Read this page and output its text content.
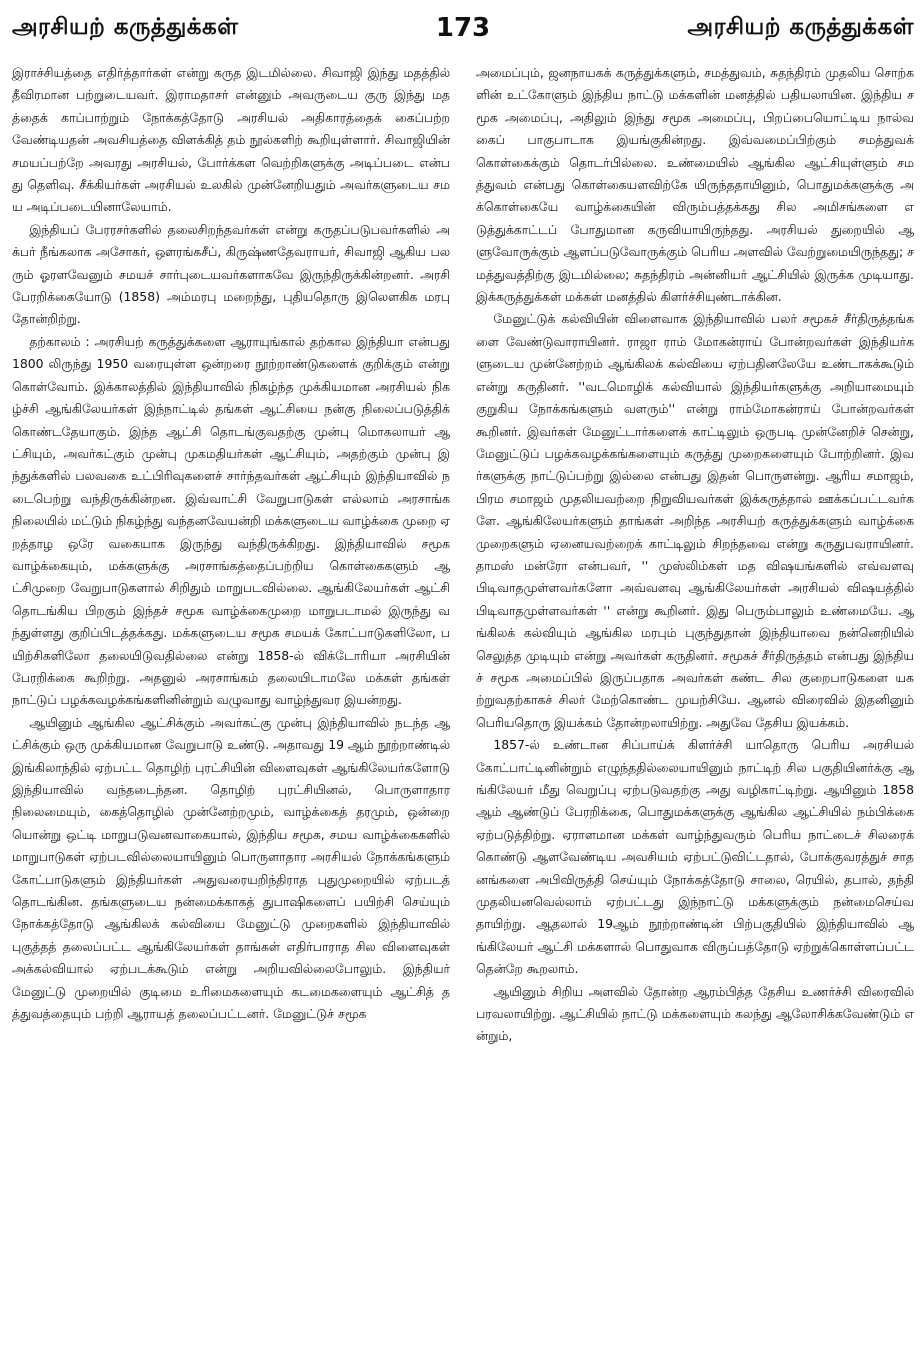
அரசியற் கருத்துக்கள்	173	அரசியற் கருத்துக்கள்

இராச்சியத்தை எதிர்த்தார்கள் என்று கருத இடமில்லை. சிவாஜி இந்து மதத்தில் தீவிரமான பற்றுடையவர். இராமதாசர் என்னும் அவருடைய குரு இந்து மதத்தைக் காப்பாற்றும் நோக்கத்தோடு அரசியல் அதிகாரத்தைக் கைப்பற்ற வேண்டியதன் அவசியத்தை விளக்கித் தம் நூல்களிற் கூறியுள்ளார். சிவாஜியின் சமயப்பற்றே அவரது அரசியல், போர்க்கள வெற்றிகளுக்கு அடிப்படை என்பது தெளிவு. சீக்கியர்கள் அரசியல் உலகில் முன்னேறியதும் அவர்களுடைய சமய அடிப்படையினாலேயாம்.

இந்தியப் பேரரசர்களில் தலைசிறந்தவர்கள் என்று கருதப்படுபவர்களில் அக்பர் நீங்கலாக அசோகர், ஔரங்கசீப், கிருஷ்ணதேவராயர், சிவாஜி ஆகிய பலரும் ஓரளவேனும் சமயச் சார்புடையவர்களாகவே இருந்திருக்கின்றனர். அரசி பேரறிக்கையோடு (1858) அம்மரபு மறைந்து, புதியதொரு இலௌகிக மரபு தோன்றிற்று.

தற்காலம் : அரசியற் கருத்துக்களை ஆராயுங்கால் தற்கால இந்தியா என்பது 1800 லிருந்து 1950 வரையுள்ள ஒன்றரை நூற்றாண்டுகளைக் குறிக்கும் என்று கொள்வோம். இக்காலத்தில் இந்தியாவில் நிகழ்ந்த முக்கியமான அரசியல் நிகழ்ச்சி ஆங்கிலேயர்கள் இந்நாட்டில் தங்கள் ஆட்சியை நன்கு நிலைப்படுத்திக் கொண்டதேயாகும். இந்த ஆட்சி தொடங்குவதற்கு முன்பு மொகலாயர் ஆட்சியும், அவர்கட்கும் முன்பு முகமதியர்கள் ஆட்சியும், அதற்கும் முன்பு இந்துக்களில் பலவகை உட்பிரிவுகளைச் சார்ந்தவர்கள் ஆட்சியும் இந்தியாவில் நடைபெற்று வந்திருக்கின்றன. இவ்வாட்சி வேறுபாடுகள் எல்லாம் அரசாங்க நிலையில் மட்டும் நிகழ்ந்து வந்தனவேயன்றி மக்களுடைய வாழ்க்கை முறை ஏறத்தாழ ஒரே வகையாக இருந்து வந்திருக்கிறது. இந்தியாவில் சமூக வாழ்க்கையும், மக்களுக்கு அரசாங்கத்தைப்பற்றிய கொள்கைகளும் ஆட்சிமுறை வேறுபாடுகளால் சிறிதும் மாறுபடவில்லை. ஆங்கிலேயர்கள் ஆட்சி தொடங்கிய பிறகும் இந்தச் சமூக வாழ்க்கைமுறை மாறுபடாமல் இருந்து வந்துள்ளது குறிப்பிடத்தக்கது. மக்களுடைய சமூக சமயக் கோட்பாடுகளிலோ, பயிற்சிகளிலோ தலையிடுவதில்லை என்று 1858-ல் விக்டோரியா அரசியின் பேரறிக்கை கூறிற்று. அதனுல் அரசாங்கம் தலையிடாமலே மக்கள் தங்கள் நாட்டுப் பழக்கவழக்கங்களினின்றும் வழுவாது வாழ்ந்துவர இயன்றது.

ஆயினும் ஆங்கில ஆட்சிக்கும் அவர்கட்கு முன்பு இந்தியாவில் நடந்த ஆட்சிக்கும் ஒரு முக்கியமான வேறுபாடு உண்டு. அதாவது 19 ஆம் நூற்றாண்டில் இங்கிலாந்தில் ஏற்பட்ட தொழிற் புரட்சியின் விளைவுகள் ஆங்கிலேயர்களோடு இந்தியாவில் வந்தடைந்தன. தொழிற் புரட்சியினல், பொருளாதார நிலைமையும், கைத்தொழில் முன்னேற்றமும், வாழ்க்கைத் தரமும், ஒன்றை யொன்று ஒட்டி மாறுபடுவனவாகையால், இந்திய சமூக, சமய வாழ்க்கைகளில் மாறுபாடுகள் ஏற்படவில்லையாயினும் பொருளாதார அரசியல் நோக்கங்களும் கோட்பாடுகளும் இந்தியர்கள் அதுவரையறிந்திராத புதுமுறையில் ஏற்படத் தொடங்கின. தங்களுடைய நன்மைக்காகத் துபாஷிகளைப் பயிற்சி செய்யும் நோக்கத்தோடு ஆங்கிலக் கல்வியை மேனுட்டு முறைகளில் இந்தியாவில் புகுத்தத் தலைப்பட்ட ஆங்கிலேயர்கள் தாங்கள் எதிர்பாராத சில விளைவுகள் அக்கல்வியால் ஏற்படக்கூடும் என்று அறியவில்லைபோலும். இந்தியர் மேனுட்டு முறையில் குடிமை உரிமைகளையும் கடமைகளையும் ஆட்சித் தத்துவத்தையும் பற்றி ஆராயத் தலைப்பட்டனர். மேனுட்டுச் சமூக

அமைப்பும், ஜனநாயகக் கருத்துக்களும், சமத்துவம், சுதந்திரம் முதலிய சொற்களின் உட்கோளும் இந்திய நாட்டு மக்களின் மனத்தில் பதியலாயின. இந்திய சமூக அமைப்பு, அதிலும் இந்து சமூக அமைப்பு, பிறப்பையொட்டிய நால்வகைப் பாகுபாடாக இயங்குகின்றது. இவ்வமைப்பிற்கும் சமத்துவக் கொள்கைக்கும் தொடர்பில்லை. உண்மையில் ஆங்கில ஆட்சியுள்ளும் சமத்துவம் என்பது கொள்கையளவிற்கே யிருந்ததாயினும், பொதுமக்களுக்கு அக்கொள்கையே வாழ்க்கையின் விரும்பத்தக்கது சில அமிசங்களை எடுத்துக்காட்டப் போதுமான கருவியாயிருந்தது. அரசியல் துறையில் ஆளுவோருக்கும் ஆளப்படுவோருக்கும் பெரிய அளவில் வேற்றுமையிருந்தது; சமத்துவத்திற்கு இடமில்லை; சுதந்திரம் அன்னியர் ஆட்சியில் இருக்க முடியாது. இக்கருத்துக்கள் மக்கள் மனத்தில் கிளர்ச்சியுண்டாக்கின.

மேனுட்டுக் கல்வியின் விளைவாக இந்தியாவில் பலர் சமூகச் சீர்திருத்தங்களை வேண்டுவாராயினர். ராஜா ராம் மோகன்ராய் போன்றவர்கள் இந்தியர்களுடைய முன்னேற்றம் ஆங்கிலக் கல்வியை ஏற்பதினலேயே உண்டாகக்கூடும் என்று கருதினர். ''வடமொழிக் கல்வியால் இந்தியர்களுக்கு அறியாமையும் குறுகிய நோக்கங்களும் வளரும்'' என்று ராம்மோகன்ராய் போன்றவர்கள் கூறினர். இவர்கள் மேனுட்டார்களைக் காட்டிலும் ஒருபடி முன்னேறிச் சென்று, மேனுட்டுப் பழக்கவழக்கங்களையும் கருத்து முறைகளையும் போற்றினர். இவர்களுக்கு நாட்டுப்பற்று இல்லை என்பது இதன் பொருளன்று. ஆரிய சமாஜம், பிரம சமாஜம் முதலியவற்றை நிறுவியவர்கள் இக்கருத்தால் ஊக்கப்பட்டவர்களே. ஆங்கிலேயர்களும் தாங்கள் அறிந்த அரசியற் கருத்துக்களும் வாழ்க்கை முறைகளும் ஏனையவற்றைக் காட்டிலும் சிறந்தவை என்று கருதுபவராயினர். தாமஸ் மன்ரோ என்பவர், '' முஸ்லிம்கள் மத விஷயங்களில் எவ்வளவு பிடிவாதமுள்ளவர்களோ அவ்வளவு ஆங்கிலேயர்கள் அரசியல் விஷயத்தில் பிடிவாதமுள்ளவர்கள் '' என்று கூறினர். இது பெரும்பாலும் உண்மையே. ஆங்கிலக் கல்வியும் ஆங்கில மரபும் புகுந்துதான் இந்தியாவை நன்னெறியில் செலுத்த முடியும் என்று அவர்கள் கருதினர். சமூகச் சீர்திருத்தம் என்பது இந்தியச் சமூக அமைப்பில் இருப்பதாக அவர்கள் கண்ட சில குறைபாடுகளை யகற்றுவதற்காகச் சிலர் மேற்கொண்ட முயற்சியே. ஆனல் விரைவில் இதனினும் பெரியதொரு இயக்கம் தோன்றலாயிற்று. அதுவே தேசிய இயக்கம்.

1857-ல் உண்டான சிப்பாய்க் கிளர்ச்சி யாதொரு பெரிய அரசியல் கோட்பாட்டினின்றும் எழுந்ததில்லையாயினும் நாட்டிற் சில பகுதியினர்க்கு ஆங்கிலேயர் மீது வெறுப்பு ஏற்படுவதற்கு அது வழிகாட்டிற்று. ஆயினும் 1858ஆம் ஆண்டுப் பேரறிக்கை, பொதுமக்களுக்கு ஆங்கில ஆட்சியில் நம்பிக்கை ஏற்படுத்திற்று. ஏராளமான மக்கள் வாழ்ந்துவரும் பெரிய நாட்டைச் சிலரைக் கொண்டு ஆளவேண்டிய அவசியம் ஏற்பட்டுவிட்டதால், போக்குவரத்துச் சாதனங்களை அபிவிருத்தி செய்யும் நோக்கத்தோடு சாலை, ரெயில், தபால், தந்தி முதலியனவெல்லாம் ஏற்பட்டது இந்நாட்டு மக்களுக்கும் நன்மைசெய்வதாயிற்று. ஆதலால் 19ஆம் நூற்றாண்டின் பிற்பகுதியில் இந்தியாவில் ஆங்கிலேயர் ஆட்சி மக்களால் பொதுவாக விருப்பத்தோடு ஏற்றுக்கொள்ளப்பட்டதென்றே கூறலாம்.

ஆயினும் சிறிய அளவில் தோன்ற ஆரம்பித்த தேசிய உணர்ச்சி விரைவில் பரவலாயிற்று. ஆட்சியில் நாட்டு மக்களையும் கலந்து ஆலோசிக்கவேண்டும் என்றும்,
